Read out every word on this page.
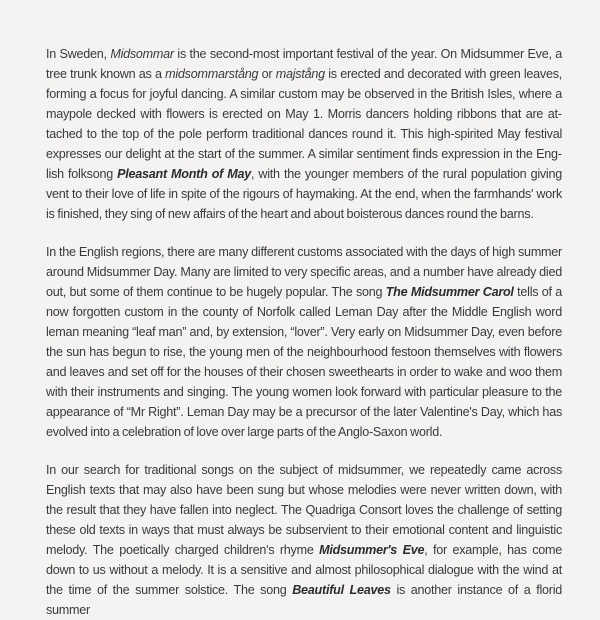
In Sweden, Midsommar is the second-most important festival of the year. On Midsummer Eve, a tree trunk known as a midsommarstång or majstång is erected and decorated with green leaves, forming a focus for joyful dancing. A similar custom may be observed in the British Isles, where a maypole decked with flowers is erected on May 1. Morris dancers holding ribbons that are attached to the top of the pole perform traditional dances round it. This high-spirited May festival expresses our delight at the start of the summer. A similar sentiment finds expression in the English folksong Pleasant Month of May, with the younger members of the rural population giving vent to their love of life in spite of the rigours of haymaking. At the end, when the farmhands' work is finished, they sing of new affairs of the heart and about boisterous dances round the barns.

In the English regions, there are many different customs associated with the days of high summer around Midsummer Day. Many are limited to very specific areas, and a number have already died out, but some of them continue to be hugely popular. The song The Midsummer Carol tells of a now forgotten custom in the county of Norfolk called Leman Day after the Middle English word leman meaning “leaf man” and, by extension, “lover”. Very early on Midsummer Day, even before the sun has begun to rise, the young men of the neighbourhood festoon themselves with flowers and leaves and set off for the houses of their chosen sweethearts in order to wake and woo them with their instruments and singing. The young women look forward with particular pleasure to the appearance of “Mr Right”. Leman Day may be a precursor of the later Valentine's Day, which has evolved into a celebration of love over large parts of the Anglo-Saxon world.

In our search for traditional songs on the subject of midsummer, we repeatedly came across English texts that may also have been sung but whose melodies were never written down, with the result that they have fallen into neglect. The Quadriga Consort loves the challenge of setting these old texts in ways that must always be subservient to their emotional content and linguistic melody. The poetically charged children's rhyme Midsummer's Eve, for example, has come down to us without a melody. It is a sensitive and almost philosophical dialogue with the wind at the time of the summer solstice. The song Beautiful Leaves is another instance of a florid summer
